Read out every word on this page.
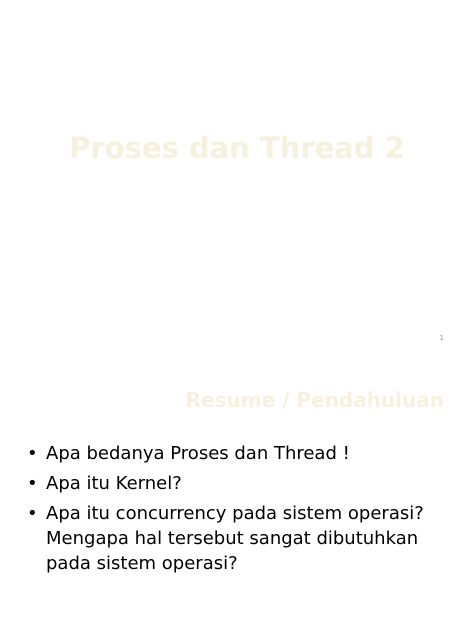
Proses dan Thread 2
1
Resume / Pendahuluan
• Apa bedanya Proses dan Thread !
• Apa itu Kernel?
• Apa itu concurrency pada sistem operasi? Mengapa hal tersebut sangat dibutuhkan pada sistem operasi?
